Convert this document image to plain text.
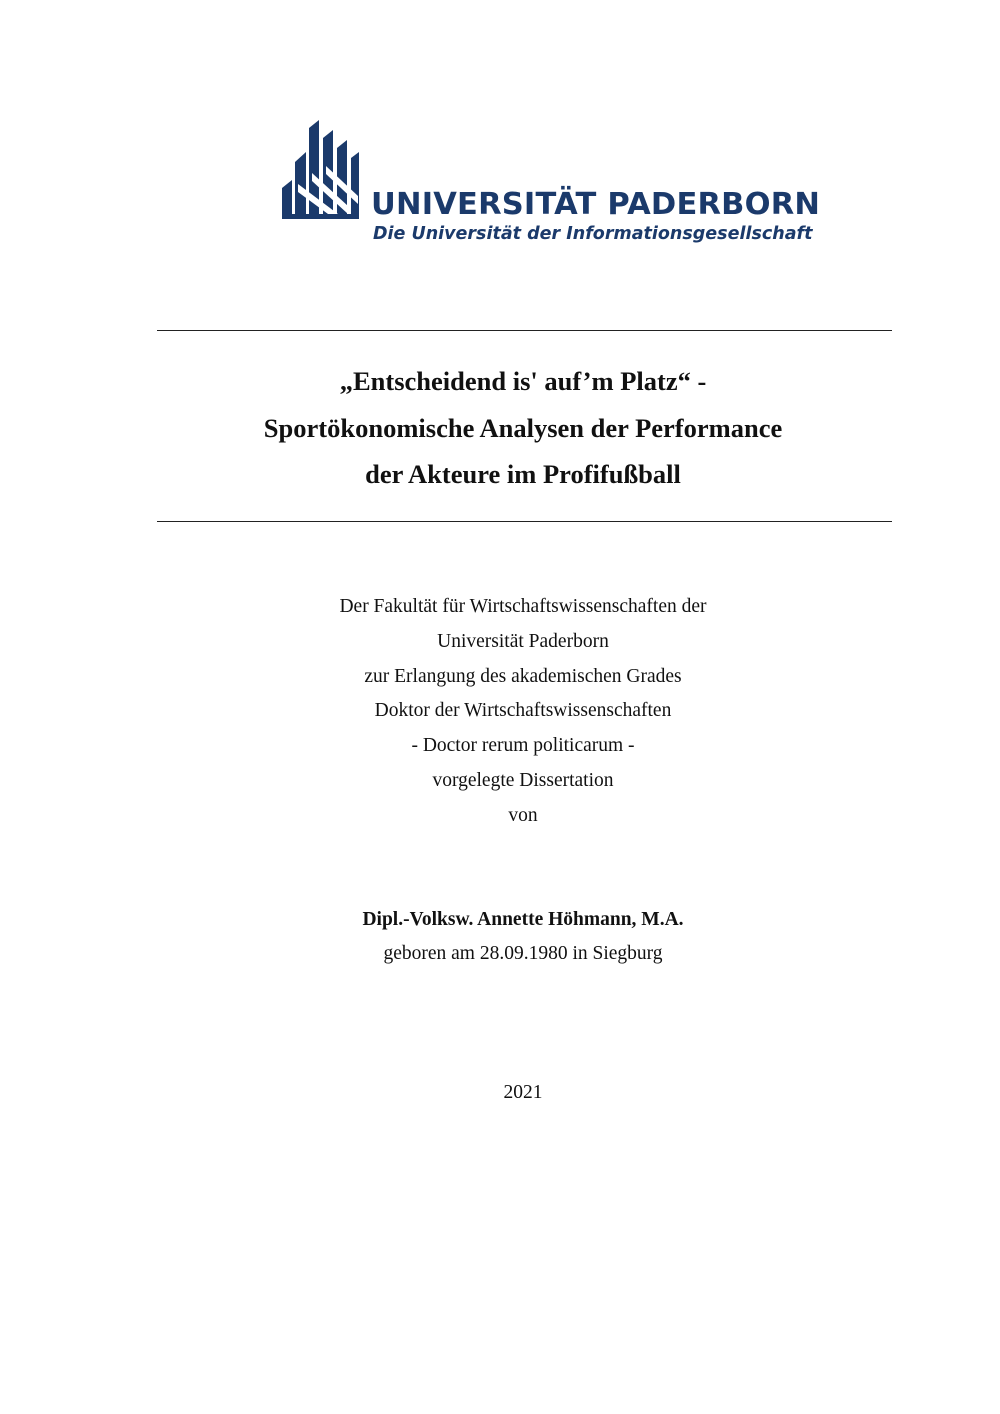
UNIVERSITÄT PADERBORN
Die Universität der Informationsgesellschaft
„Entscheidend is' auf’m Platz“ -
Sportökonomische Analysen der Performance
der Akteure im Profifußball
Der Fakultät für Wirtschaftswissenschaften der
Universität Paderborn
zur Erlangung des akademischen Grades
Doktor der Wirtschaftswissenschaften
- Doctor rerum politicarum -
vorgelegte Dissertation
von
Dipl.-Volksw. Annette Höhmann, M.A.
geboren am 28.09.1980 in Siegburg
2021
